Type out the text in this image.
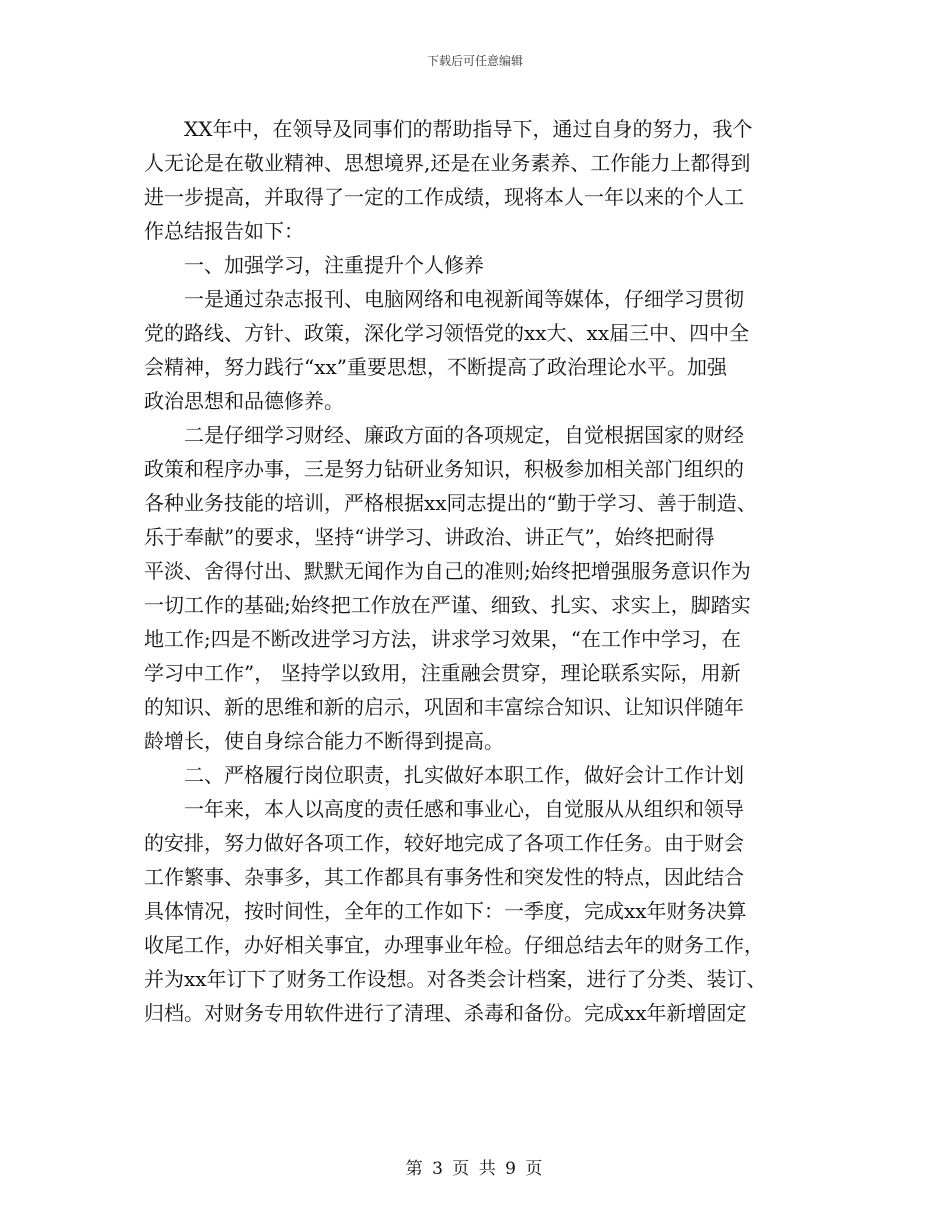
下载后可任意编辑
XX年中，在领导及同事们的帮助指导下，通过自身的努力，我个
人无论是在敬业精神、思想境界,还是在业务素养、工作能力上都得到
进一步提高，并取得了一定的工作成绩，现将本人一年以来的个人工
作总结报告如下：
一、加强学习，注重提升个人修养
一是通过杂志报刊、电脑网络和电视新闻等媒体，仔细学习贯彻
党的路线、方针、政策，深化学习领悟党的xx大、xx届三中、四中全
会精神，努力践行“xx”重要思想，不断提高了政治理论水平。加强
政治思想和品德修养。
二是仔细学习财经、廉政方面的各项规定，自觉根据国家的财经
政策和程序办事，三是努力钻研业务知识，积极参加相关部门组织的
各种业务技能的培训，严格根据xx同志提出的“勤于学习、善于制造、
乐于奉献”的要求，坚持“讲学习、讲政治、讲正气”，始终把耐得
平淡、舍得付出、默默无闻作为自己的准则;始终把增强服务意识作为
一切工作的基础;始终把工作放在严谨、细致、扎实、求实上，脚踏实
地工作;四是不断改进学习方法，讲求学习效果，“在工作中学习，在
学习中工作”， 坚持学以致用，注重融会贯穿，理论联系实际，用新
的知识、新的思维和新的启示，巩固和丰富综合知识、让知识伴随年
龄增长，使自身综合能力不断得到提高。
二、严格履行岗位职责，扎实做好本职工作，做好会计工作计划
一年来，本人以高度的责任感和事业心，自觉服从从组织和领导
的安排，努力做好各项工作，较好地完成了各项工作任务。由于财会
工作繁事、杂事多，其工作都具有事务性和突发性的特点，因此结合
具体情况，按时间性，全年的工作如下：一季度，完成xx年财务决算
收尾工作，办好相关事宜，办理事业年检。仔细总结去年的财务工作，
并为xx年订下了财务工作设想。对各类会计档案，进行了分类、装订、
归档。对财务专用软件进行了清理、杀毒和备份。完成xx年新增固定
第 3 页 共 9 页
